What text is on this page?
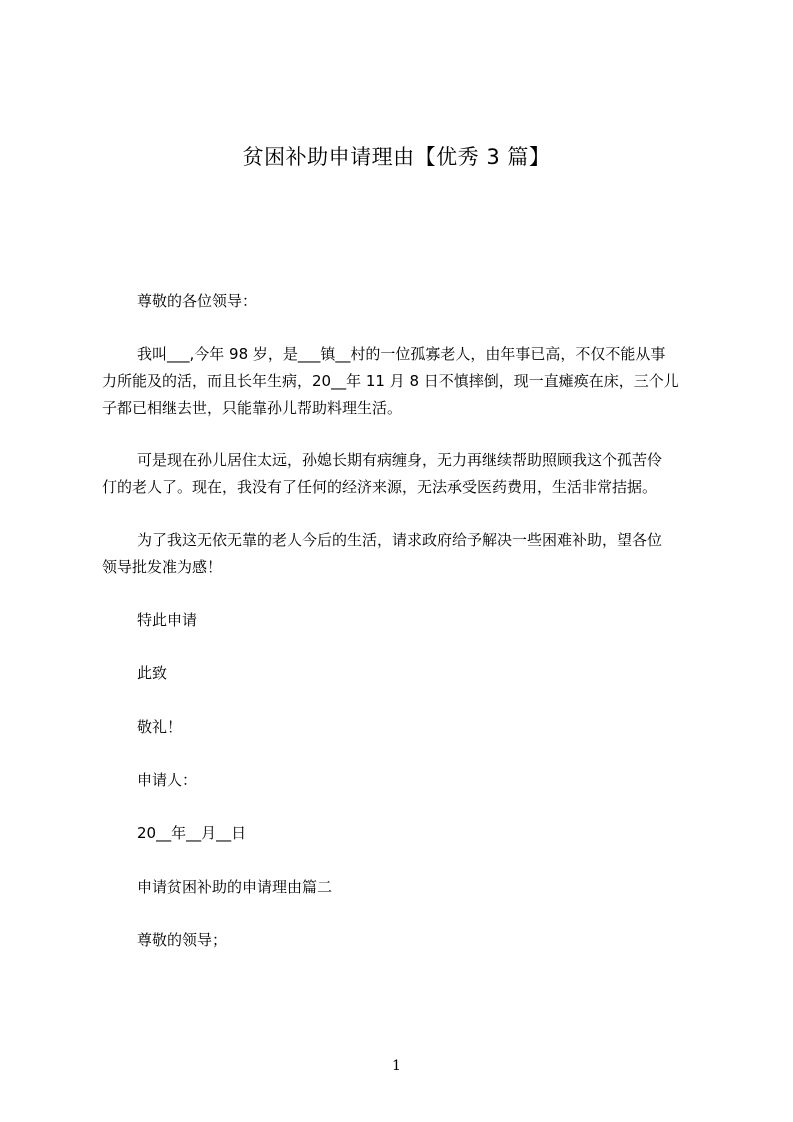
贫困补助申请理由【优秀 3 篇】
尊敬的各位领导：
我叫___,今年 98 岁，是___镇__村的一位孤寡老人，由年事已高，不仅不能从事
力所能及的活，而且长年生病，20__年 11 月 8 日不慎摔倒，现一直瘫痪在床，三个儿
子都已相继去世，只能靠孙儿帮助料理生活。
可是现在孙儿居住太远，孙媳长期有病缠身，无力再继续帮助照顾我这个孤苦伶
仃的老人了。现在，我没有了任何的经济来源，无法承受医药费用，生活非常拮据。
为了我这无依无靠的老人今后的生活，请求政府给予解决一些困难补助，望各位
领导批发准为感！
特此申请
此致
敬礼！
申请人：
20__年__月__日
申请贫困补助的申请理由篇二
尊敬的领导；
1
